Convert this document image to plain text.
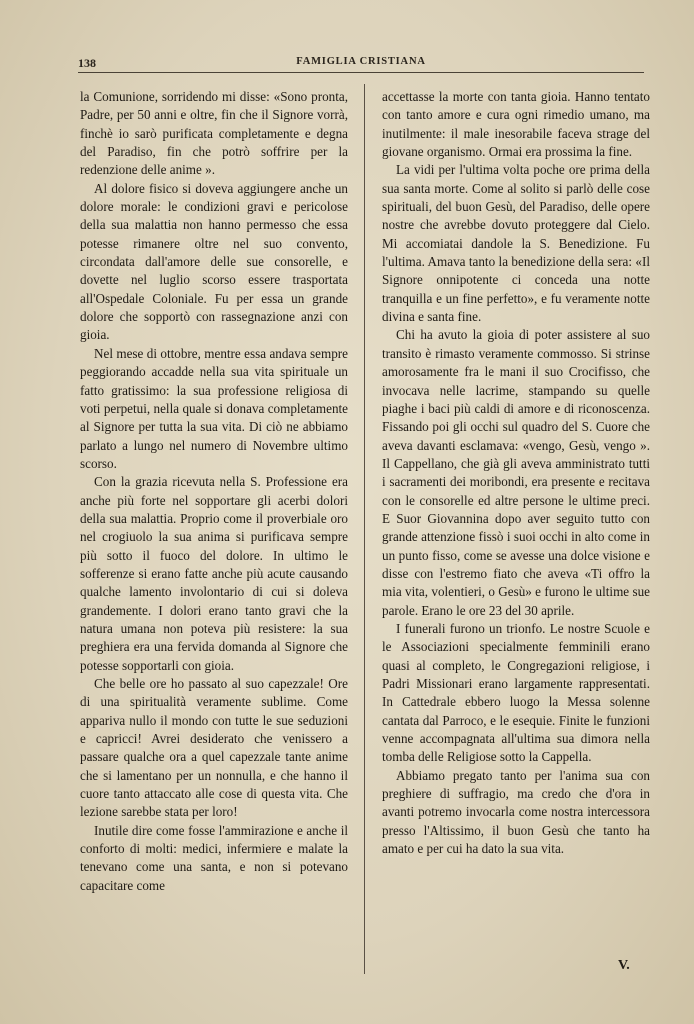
138	FAMIGLIA CRISTIANA

la Comunione, sorridendo mi disse: «Sono pronta, Padre, per 50 anni e oltre, fin che il Signore vorrà, finchè io sarò purificata completamente e degna del Paradiso, fin che potrò soffrire per la redenzione delle anime ».

Al dolore fisico si doveva aggiungere anche un dolore morale: le condizioni gravi e pericolose della sua malattia non hanno permesso che essa potesse rimanere oltre nel suo convento, circondata dall'amore delle sue consorelle, e dovette nel luglio scorso essere trasportata all'Ospedale Coloniale. Fu per essa un grande dolore che sopportò con rassegnazione anzi con gioia.

Nel mese di ottobre, mentre essa andava sempre peggiorando accadde nella sua vita spirituale un fatto gratissimo: la sua professione religiosa di voti perpetui, nella quale si donava completamente al Signore per tutta la sua vita. Di ciò ne abbiamo parlato a lungo nel numero di Novembre ultimo scorso.

Con la grazia ricevuta nella S. Professione era anche più forte nel sopportare gli acerbi dolori della sua malattia. Proprio come il proverbiale oro nel crogiuolo la sua anima si purificava sempre più sotto il fuoco del dolore. In ultimo le sofferenze si erano fatte anche più acute causando qualche lamento involontario di cui si doleva grandemente. I dolori erano tanto gravi che la natura umana non poteva più resistere: la sua preghiera era una fervida domanda al Signore che potesse sopportarli con gioia.

Che belle ore ho passato al suo capezzale! Ore di una spiritualità veramente sublime. Come appariva nullo il mondo con tutte le sue seduzioni e capricci! Avrei desiderato che venissero a passare qualche ora a quel capezzale tante anime che si lamentano per un nonnulla, e che hanno il cuore tanto attaccato alle cose di questa vita. Che lezione sarebbe stata per loro!

Inutile dire come fosse l'ammirazione e anche il conforto di molti: medici, infermiere e malate la tenevano come una santa, e non si potevano capacitare come

accettasse la morte con tanta gioia. Hanno tentato con tanto amore e cura ogni rimedio umano, ma inutilmente: il male inesorabile faceva strage del giovane organismo. Ormai era prossima la fine.

La vidi per l'ultima volta poche ore prima della sua santa morte. Come al solito si parlò delle cose spirituali, del buon Gesù, del Paradiso, delle opere nostre che avrebbe dovuto proteggere dal Cielo. Mi accomiatai dandole la S. Benedizione. Fu l'ultima. Amava tanto la benedizione della sera: «Il Signore onnipotente ci conceda una notte tranquilla e un fine perfetto», e fu veramente notte divina e santa fine.

Chi ha avuto la gioia di poter assistere al suo transito è rimasto veramente commosso. Si strinse amorosamente fra le mani il suo Crocifisso, che invocava nelle lacrime, stampando su quelle piaghe i baci più caldi di amore e di riconoscenza. Fissando poi gli occhi sul quadro del S. Cuore che aveva davanti esclamava: «vengo, Gesù, vengo ». Il Cappellano, che già gli aveva amministrato tutti i sacramenti dei moribondi, era presente e recitava con le consorelle ed altre persone le ultime preci. E Suor Giovannina dopo aver seguito tutto con grande attenzione fissò i suoi occhi in alto come in un punto fisso, come se avesse una dolce visione e disse con l'estremo fiato che aveva «Ti offro la mia vita, volentieri, o Gesù» e furono le ultime sue parole. Erano le ore 23 del 30 aprile.

I funerali furono un trionfo. Le nostre Scuole e le Associazioni specialmente femminili erano quasi al completo, le Congregazioni religiose, i Padri Missionari erano largamente rappresentati. In Cattedrale ebbero luogo la Messa solenne cantata dal Parroco, e le esequie. Finite le funzioni venne accompagnata all'ultima sua dimora nella tomba delle Religiose sotto la Cappella.

Abbiamo pregato tanto per l'anima sua con preghiere di suffragio, ma credo che d'ora in avanti potremo invocarla come nostra intercessora presso l'Altissimo, il buon Gesù che tanto ha amato e per cui ha dato la sua vita.

V.
